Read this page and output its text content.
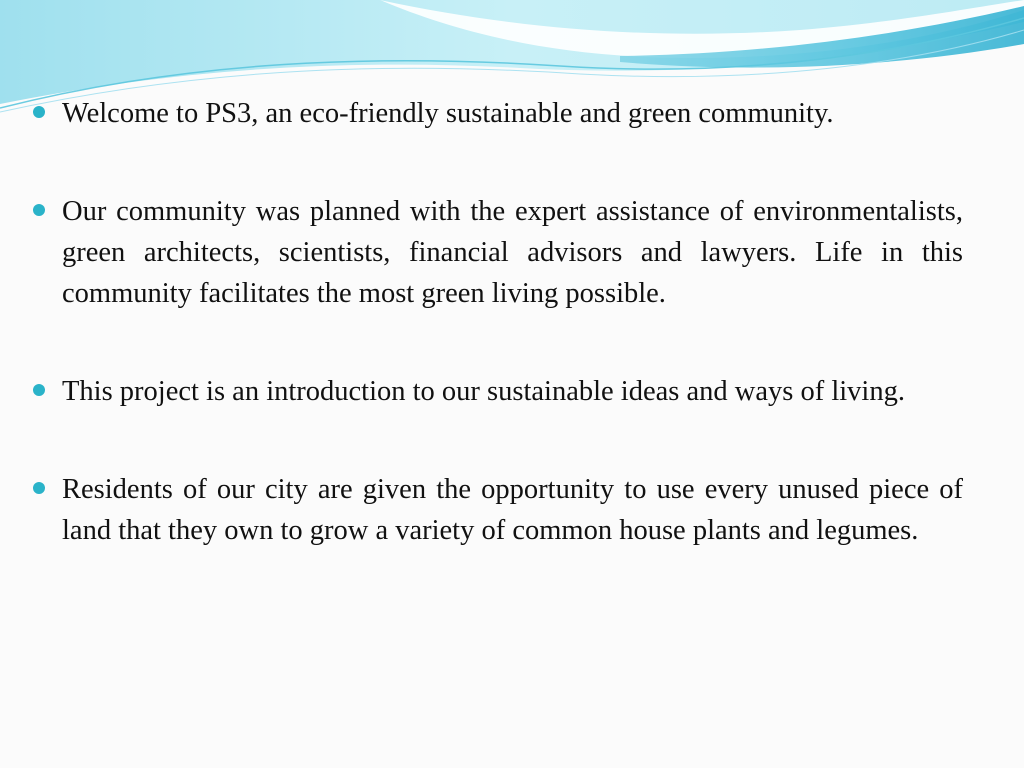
Welcome to PS3, an eco-friendly sustainable and green community.
Our community was planned with the expert assistance of environmentalists, green architects, scientists, financial advisors and lawyers. Life in this community facilitates the most green living possible.
This project is an introduction to our sustainable ideas and ways of living.
Residents of our city are given the opportunity to use every unused piece of land that they own to grow a variety of common house plants and legumes.
